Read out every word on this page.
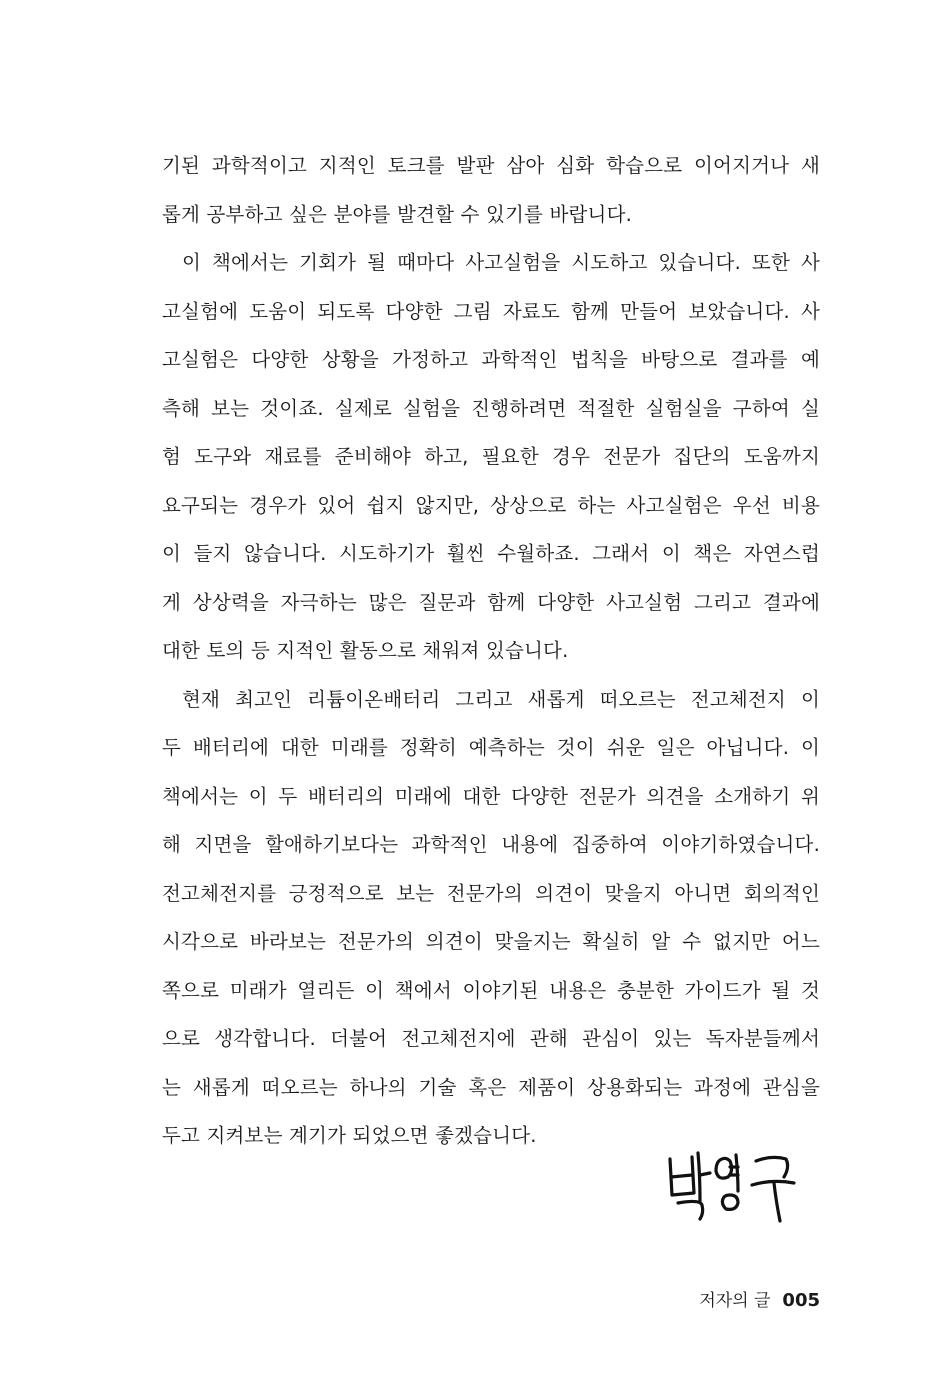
기된 과학적이고 지적인 토크를 발판 삼아 심화 학습으로 이어지거나 새
롭게 공부하고 싶은 분야를 발견할 수 있기를 바랍니다.
이 책에서는 기회가 될 때마다 사고실험을 시도하고 있습니다. 또한 사
고실험에 도움이 되도록 다양한 그림 자료도 함께 만들어 보았습니다. 사
고실험은 다양한 상황을 가정하고 과학적인 법칙을 바탕으로 결과를 예
측해 보는 것이죠. 실제로 실험을 진행하려면 적절한 실험실을 구하여 실
험 도구와 재료를 준비해야 하고, 필요한 경우 전문가 집단의 도움까지
요구되는 경우가 있어 쉽지 않지만, 상상으로 하는 사고실험은 우선 비용
이 들지 않습니다. 시도하기가 훨씬 수월하죠. 그래서 이 책은 자연스럽
게 상상력을 자극하는 많은 질문과 함께 다양한 사고실험 그리고 결과에
대한 토의 등 지적인 활동으로 채워져 있습니다.
현재 최고인 리튬이온배터리 그리고 새롭게 떠오르는 전고체전지 이
두 배터리에 대한 미래를 정확히 예측하는 것이 쉬운 일은 아닙니다. 이
책에서는 이 두 배터리의 미래에 대한 다양한 전문가 의견을 소개하기 위
해 지면을 할애하기보다는 과학적인 내용에 집중하여 이야기하였습니다.
전고체전지를 긍정적으로 보는 전문가의 의견이 맞을지 아니면 회의적인
시각으로 바라보는 전문가의 의견이 맞을지는 확실히 알 수 없지만 어느
쪽으로 미래가 열리든 이 책에서 이야기된 내용은 충분한 가이드가 될 것
으로 생각합니다. 더불어 전고체전지에 관해 관심이 있는 독자분들께서
는 새롭게 떠오르는 하나의 기술 혹은 제품이 상용화되는 과정에 관심을
두고 지켜보는 계기가 되었으면 좋겠습니다.
저자의 글 005
